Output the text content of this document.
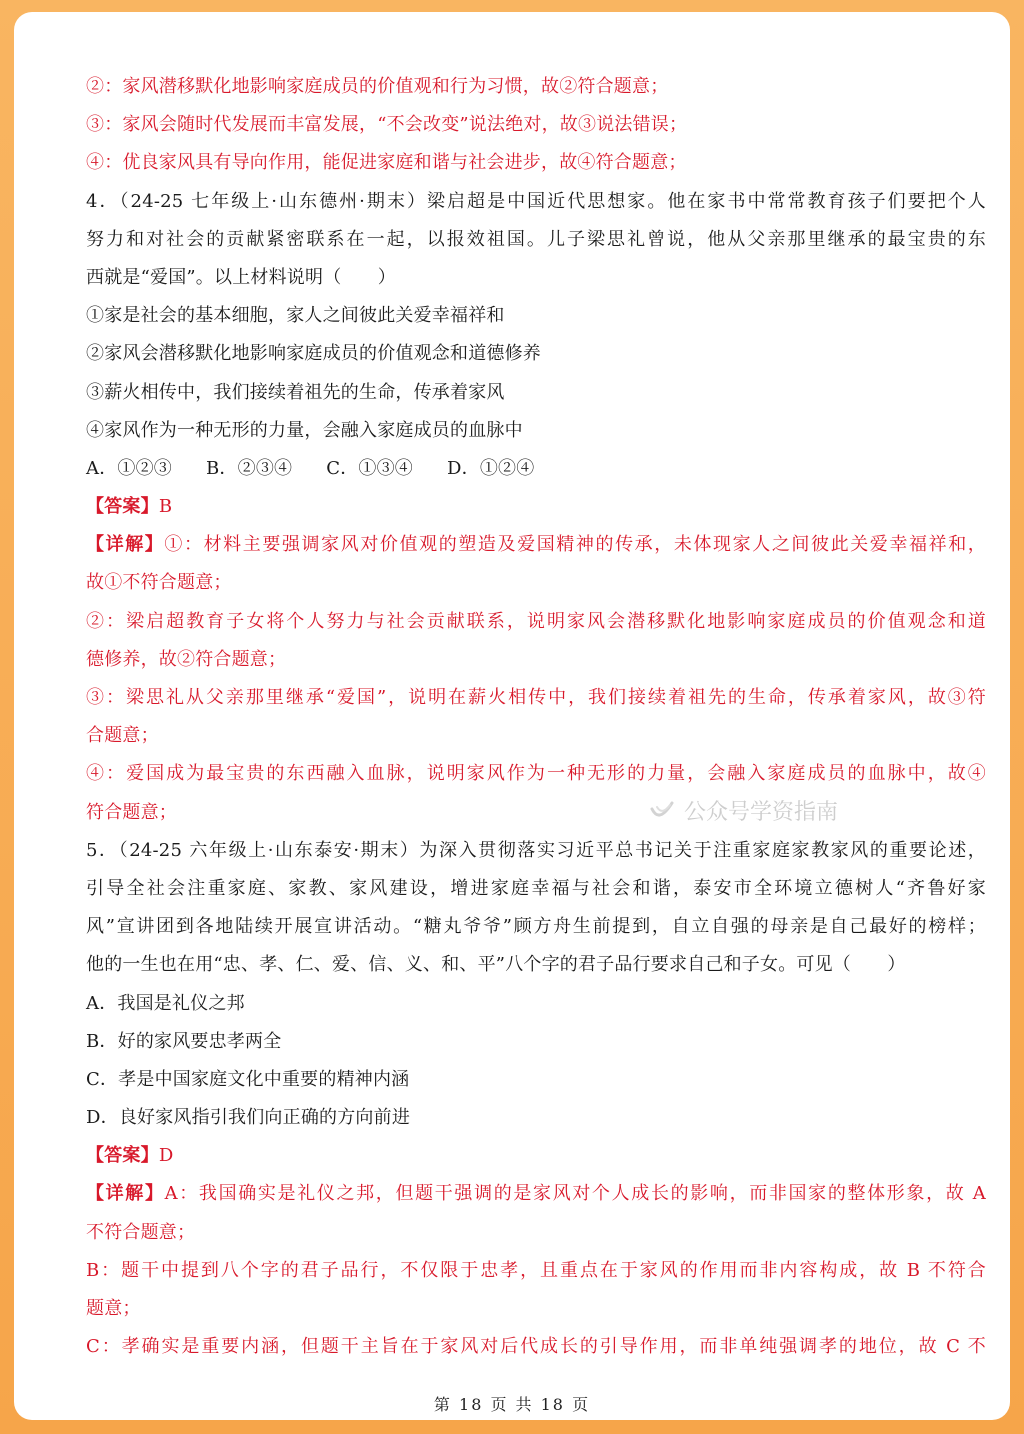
②：家风潜移默化地影响家庭成员的价值观和行为习惯，故②符合题意；
③：家风会随时代发展而丰富发展，“不会改变”说法绝对，故③说法错误；
④：优良家风具有导向作用，能促进家庭和谐与社会进步，故④符合题意；
4．（24-25 七年级上·山东德州·期末）梁启超是中国近代思想家。他在家书中常常教育孩子们要把个人
努力和对社会的贡献紧密联系在一起，以报效祖国。儿子梁思礼曾说，他从父亲那里继承的最宝贵的东
西就是“爱国”。以上材料说明（　　）
①家是社会的基本细胞，家人之间彼此关爱幸福祥和
②家风会潜移默化地影响家庭成员的价值观念和道德修养
③薪火相传中，我们接续着祖先的生命，传承着家风
④家风作为一种无形的力量，会融入家庭成员的血脉中
A．①②③ B．②③④ C．①③④ D．①②④
【答案】B
【详解】①：材料主要强调家风对价值观的塑造及爱国精神的传承，未体现家人之间彼此关爱幸福祥和，
故①不符合题意；
②：梁启超教育子女将个人努力与社会贡献联系，说明家风会潜移默化地影响家庭成员的价值观念和道
德修养，故②符合题意；
③：梁思礼从父亲那里继承“爱国”，说明在薪火相传中，我们接续着祖先的生命，传承着家风，故③符
合题意；
④：爱国成为最宝贵的东西融入血脉，说明家风作为一种无形的力量，会融入家庭成员的血脉中，故④
符合题意；
5．（24-25 六年级上·山东泰安·期末）为深入贯彻落实习近平总书记关于注重家庭家教家风的重要论述，
引导全社会注重家庭、家教、家风建设，增进家庭幸福与社会和谐，泰安市全环境立德树人“齐鲁好家
风”宣讲团到各地陆续开展宣讲活动。“糖丸爷爷”顾方舟生前提到，自立自强的母亲是自己最好的榜样；
他的一生也在用“忠、孝、仁、爱、信、义、和、平”八个字的君子品行要求自己和子女。可见（　　）
A．我国是礼仪之邦
B．好的家风要忠孝两全
C．孝是中国家庭文化中重要的精神内涵
D．良好家风指引我们向正确的方向前进
【答案】D
【详解】A：我国确实是礼仪之邦，但题干强调的是家风对个人成长的影响，而非国家的整体形象，故 A
不符合题意；
B：题干中提到八个字的君子品行，不仅限于忠孝，且重点在于家风的作用而非内容构成，故 B 不符合
题意；
C：孝确实是重要内涵，但题干主旨在于家风对后代成长的引导作用，而非单纯强调孝的地位，故 C 不
公众号学资指南
第 18 页 共 18 页
